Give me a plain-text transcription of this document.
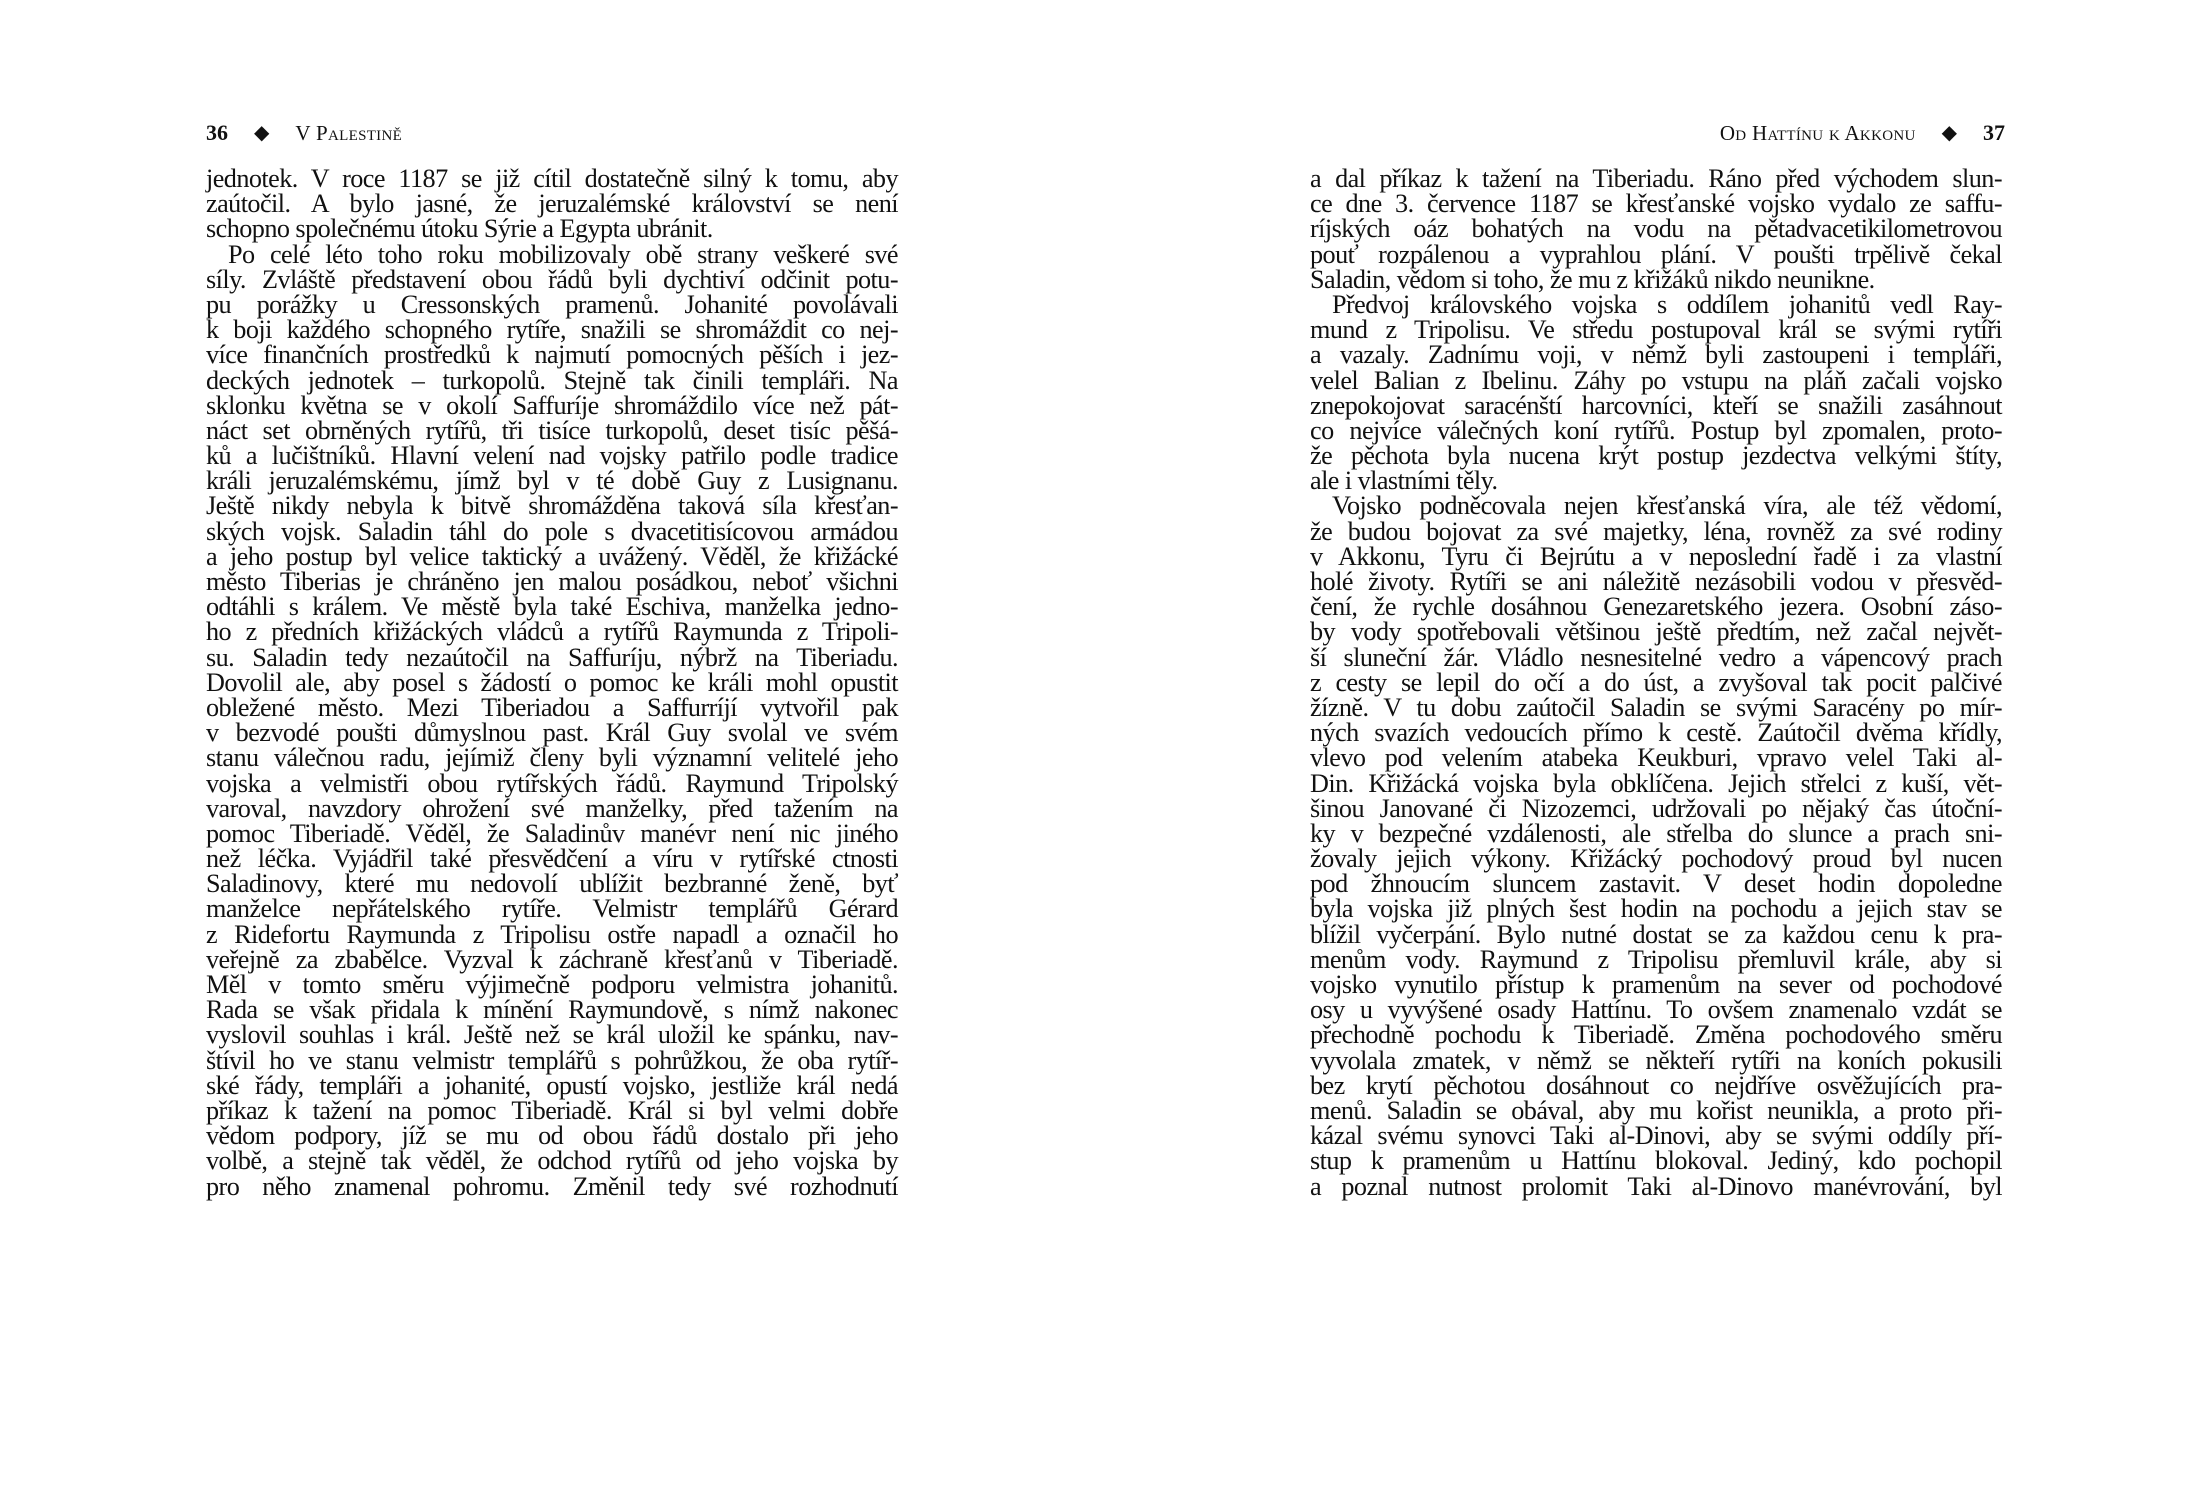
36 ◆ V Palestině
jednotek. V roce 1187 se již cítil dostatečně silný k tomu, aby
zaútočil. A bylo jasné, že jeruzalémské království se není
schopno společnému útoku Sýrie a Egypta ubránit.
Po celé léto toho roku mobilizovaly obě strany veškeré své
síly. Zvláště představení obou řádů byli dychtiví odčinit potu-
pu porážky u Cressonských pramenů. Johanité povolávali
k boji každého schopného rytíře, snažili se shromáždit co nej-
více finančních prostředků k najmutí pomocných pěších i jez-
deckých jednotek – turkopolů. Stejně tak činili templáři. Na
sklonku května se v okolí Saffuríje shromáždilo více než pát-
náct set obrněných rytířů, tři tisíce turkopolů, deset tisíc pěšá-
ků a lučištníků. Hlavní velení nad vojsky patřilo podle tradice
králi jeruzalémskému, jímž byl v té době Guy z Lusignanu.
Ještě nikdy nebyla k bitvě shromážděna taková síla křesťan-
ských vojsk. Saladin táhl do pole s dvacetitisícovou armádou
a jeho postup byl velice taktický a uvážený. Věděl, že křižácké
město Tiberias je chráněno jen malou posádkou, neboť všichni
odtáhli s králem. Ve městě byla také Eschiva, manželka jedno-
ho z předních křižáckých vládců a rytířů Raymunda z Tripoli-
su. Saladin tedy nezaútočil na Saffuríju, nýbrž na Tiberiadu.
Dovolil ale, aby posel s žádostí o pomoc ke králi mohl opustit
obležené město. Mezi Tiberiadou a Saffurríjí vytvořil pak
v bezvodé poušti důmyslnou past. Král Guy svolal ve svém
stanu válečnou radu, jejímiž členy byli významní velitelé jeho
vojska a velmistři obou rytířských řádů. Raymund Tripolský
varoval, navzdory ohrožení své manželky, před tažením na
pomoc Tiberiadě. Věděl, že Saladinův manévr není nic jiného
než léčka. Vyjádřil také přesvědčení a víru v rytířské ctnosti
Saladinovy, které mu nedovolí ublížit bezbranné ženě, byť
manželce nepřátelského rytíře. Velmistr templářů Gérard
z Ridefortu Raymunda z Tripolisu ostře napadl a označil ho
veřejně za zbabělce. Vyzval k záchraně křesťanů v Tiberiadě.
Měl v tomto směru výjimečně podporu velmistra johanitů.
Rada se však přidala k mínění Raymundově, s nímž nakonec
vyslovil souhlas i král. Ještě než se král uložil ke spánku, nav-
štívil ho ve stanu velmistr templářů s pohrůžkou, že oba rytíř-
ské řády, templáři a johanité, opustí vojsko, jestliže král nedá
příkaz k tažení na pomoc Tiberiadě. Král si byl velmi dobře
vědom podpory, jíž se mu od obou řádů dostalo při jeho
volbě, a stejně tak věděl, že odchod rytířů od jeho vojska by
pro něho znamenal pohromu. Změnil tedy své rozhodnutí
Od Hattínu k Akkonu ◆ 37
a dal příkaz k tažení na Tiberiadu. Ráno před východem slun-
ce dne 3. července 1187 se křesťanské vojsko vydalo ze saffu-
ríjských oáz bohatých na vodu na pětadvacetikilometrovou
pouť rozpálenou a vyprahlou plání. V poušti trpělivě čekal
Saladin, vědom si toho, že mu z křižáků nikdo neunikne.
Předvoj královského vojska s oddílem johanitů vedl Ray-
mund z Tripolisu. Ve středu postupoval král se svými rytíři
a vazaly. Zadnímu voji, v němž byli zastoupeni i templáři,
velel Balian z Ibelinu. Záhy po vstupu na pláň začali vojsko
znepokojovat saracénští harcovníci, kteří se snažili zasáhnout
co nejvíce válečných koní rytířů. Postup byl zpomalen, proto-
že pěchota byla nucena krýt postup jezdectva velkými štíty,
ale i vlastními těly.
Vojsko podněcovala nejen křesťanská víra, ale též vědomí,
že budou bojovat za své majetky, léna, rovněž za své rodiny
v Akkonu, Tyru či Bejrútu a v neposlední řadě i za vlastní
holé životy. Rytíři se ani náležitě nezásobili vodou v přesvěd-
čení, že rychle dosáhnou Genezaretského jezera. Osobní záso-
by vody spotřebovali většinou ještě předtím, než začal největ-
ší sluneční žár. Vládlo nesnesitelné vedro a vápencový prach
z cesty se lepil do očí a do úst, a zvyšoval tak pocit palčivé
žízně. V tu dobu zaútočil Saladin se svými Saracény po mír-
ných svazích vedoucích přímo k cestě. Zaútočil dvěma křídly,
vlevo pod velením atabeka Keukburi, vpravo velel Taki al-
Din. Křižácká vojska byla obklíčena. Jejich střelci z kuší, vět-
šinou Janované či Nizozemci, udržovali po nějaký čas útoční-
ky v bezpečné vzdálenosti, ale střelba do slunce a prach sni-
žovaly jejich výkony. Křižácký pochodový proud byl nucen
pod žhnoucím sluncem zastavit. V deset hodin dopoledne
byla vojska již plných šest hodin na pochodu a jejich stav se
blížil vyčerpání. Bylo nutné dostat se za každou cenu k pra-
menům vody. Raymund z Tripolisu přemluvil krále, aby si
vojsko vynutilo přístup k pramenům na sever od pochodové
osy u vyvýšené osady Hattínu. To ovšem znamenalo vzdát se
přechodně pochodu k Tiberiadě. Změna pochodového směru
vyvolala zmatek, v němž se někteří rytíři na koních pokusili
bez krytí pěchotou dosáhnout co nejdříve osvěžujících pra-
menů. Saladin se obával, aby mu kořist neunikla, a proto při-
kázal svému synovci Taki al-Dinovi, aby se svými oddíly pří-
stup k pramenům u Hattínu blokoval. Jediný, kdo pochopil
a poznal nutnost prolomit Taki al-Dinovo manévrování, byl
